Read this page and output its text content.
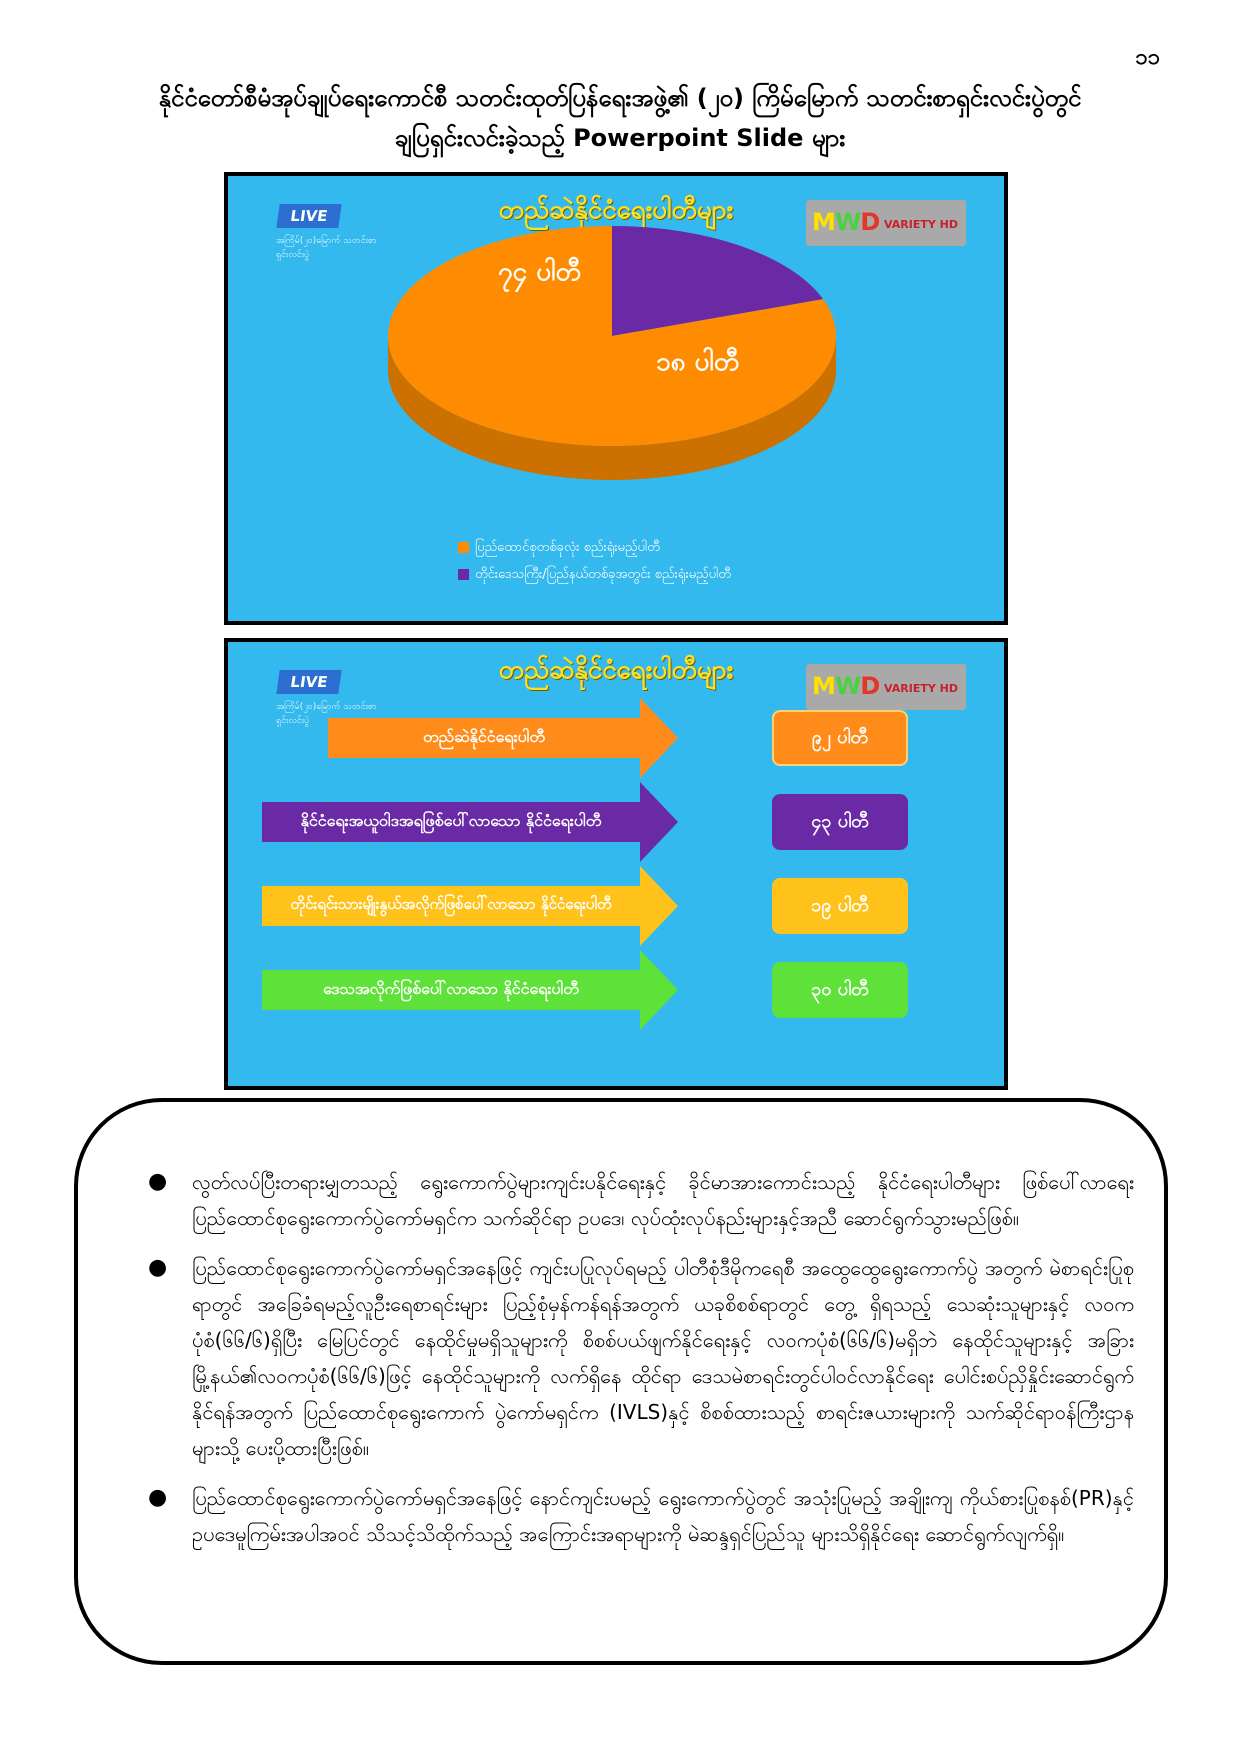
၁၁
နိုင်ငံတော်စီမံအုပ်ချုပ်ရေးကောင်စီ သတင်းထုတ်ပြန်ရေးအဖွဲ့၏ (၂၀) ကြိမ်မြောက် သတင်းစာရှင်းလင်းပွဲတွင်
ချပြရှင်းလင်းခဲ့သည့် Powerpoint Slide များ
LIVE
အကြိမ်(၂၀)မြောက် သတင်းစာရှင်းလင်းပွဲ
တည်ဆဲနိုင်ငံရေးပါတီများ	MWD VARIETY HD
၇၄ ပါတီ
၁၈ ပါတီ
ပြည်ထောင်စုတစ်ခုလုံး စည်းရုံးမည့်ပါတီ
တိုင်းဒေသကြီး/ပြည်နယ်တစ်ခုအတွင်း စည်းရုံးမည့်ပါတီ
LIVE
အကြိမ်(၂၀)မြောက် သတင်းစာရှင်းလင်းပွဲ
တည်ဆဲနိုင်ငံရေးပါတီများ
MWD VARIETY HD
တည်ဆဲနိုင်ငံရေးပါတီ	၉၂ ပါတီ
နိုင်ငံရေးအယူဝါဒအရဖြစ်ပေါ်လာသော နိုင်ငံရေးပါတီ	၄၃ ပါတီ
တိုင်းရင်းသားမျိုးနွယ်အလိုက်ဖြစ်ပေါ်လာသော နိုင်ငံရေးပါတီ	၁၉ ပါတီ
ဒေသအလိုက်ဖြစ်ပေါ်လာသော နိုင်ငံရေးပါတီ	၃၀ ပါတီ
● လွတ်လပ်ပြီးတရားမျှတသည့် ရွေးကောက်ပွဲများကျင်းပနိုင်ရေးနှင့် ခိုင်မာအားကောင်းသည့် နိုင်ငံရေးပါတီများ ဖြစ်ပေါ်လာရေး ပြည်ထောင်စုရွေးကောက်ပွဲကော်မရှင်က သက်ဆိုင်ရာ ဥပဒေ၊ လုပ်ထုံးလုပ်နည်းများနှင့်အညီ ဆောင်ရွက်သွားမည်ဖြစ်။
● ပြည်ထောင်စုရွေးကောက်ပွဲကော်မရှင်အနေဖြင့် ကျင်းပပြုလုပ်ရမည့် ပါတီစုံဒီမိုကရေစီ အထွေထွေရွေးကောက်ပွဲ အတွက် မဲစာရင်းပြုစုရာတွင် အခြေခံရမည့်လူဦးရေစာရင်းများ ပြည့်စုံမှန်ကန်ရန်အတွက် ယခုစိစစ်ရာတွင် တွေ့ ရှိရသည့် သေဆုံးသူများနှင့် လဝကပုံစံ(၆၆/၆)ရှိပြီး မြေပြင်တွင် နေထိုင်မှုမရှိသူများကို စိစစ်ပယ်ဖျက်နိုင်ရေးနှင့် လဝကပုံစံ(၆၆/၆)မရှိဘဲ နေထိုင်သူများနှင့် အခြားမြို့နယ်၏လဝကပုံစံ(၆၆/၆)ဖြင့် နေထိုင်သူများကို လက်ရှိနေ ထိုင်ရာ ဒေသမဲစာရင်းတွင်ပါဝင်လာနိုင်ရေး ပေါင်းစပ်ညှိနှိုင်းဆောင်ရွက်နိုင်ရန်အတွက် ပြည်ထောင်စုရွေးကောက် ပွဲကော်မရှင်က (IVLS)နှင့် စိစစ်ထားသည့် စာရင်းဇယားများကို သက်ဆိုင်ရာဝန်ကြီးဌာနများသို့ ပေးပို့ထားပြီးဖြစ်။
● ပြည်ထောင်စုရွေးကောက်ပွဲကော်မရှင်အနေဖြင့် နောင်ကျင်းပမည့် ရွေးကောက်ပွဲတွင် အသုံးပြုမည့် အချိုးကျ ကိုယ်စားပြုစနစ်(PR)နှင့် ဥပဒေမူကြမ်းအပါအဝင် သိသင့်သိထိုက်သည့် အကြောင်းအရာများကို မဲဆန္ဒရှင်ပြည်သူ များသိရှိနိုင်ရေး ဆောင်ရွက်လျက်ရှိ။
